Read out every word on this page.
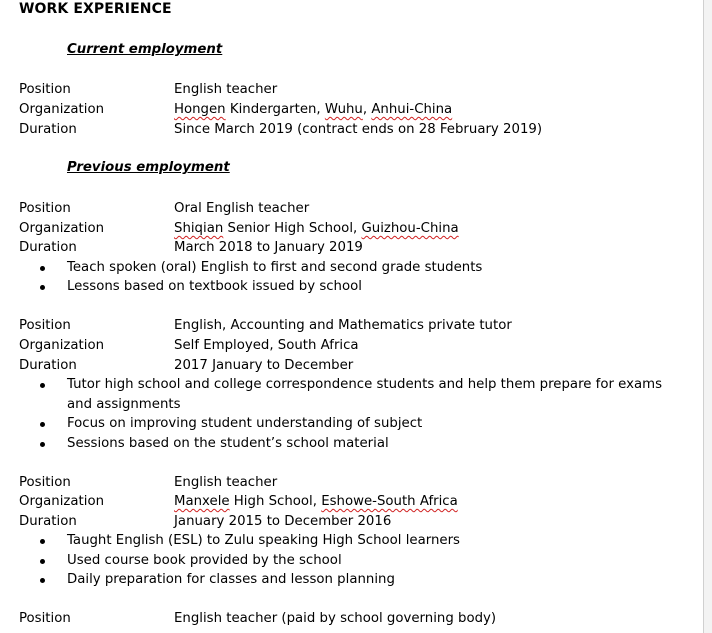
WORK EXPERIENCE
Current employment
Position	English teacher
Organization	Hongen Kindergarten, Wuhu, Anhui-China
Duration	Since March 2019 (contract ends on 28 February 2019)
Previous employment
Position	Oral English teacher
Organization	Shiqian Senior High School, Guizhou-China
Duration	March 2018 to January 2019
Teach spoken (oral) English to first and second grade students
Lessons based on textbook issued by school
Position	English, Accounting and Mathematics private tutor
Organization	Self Employed, South Africa
Duration	2017 January to December
Tutor high school and college correspondence students and help them prepare for exams
and assignments
Focus on improving student understanding of subject
Sessions based on the student’s school material
Position	English teacher
Organization	Manxele High School, Eshowe-South Africa
Duration	January 2015 to December 2016
Taught English (ESL) to Zulu speaking High School learners
Used course book provided by the school
Daily preparation for classes and lesson planning
Position	English teacher (paid by school governing body)
